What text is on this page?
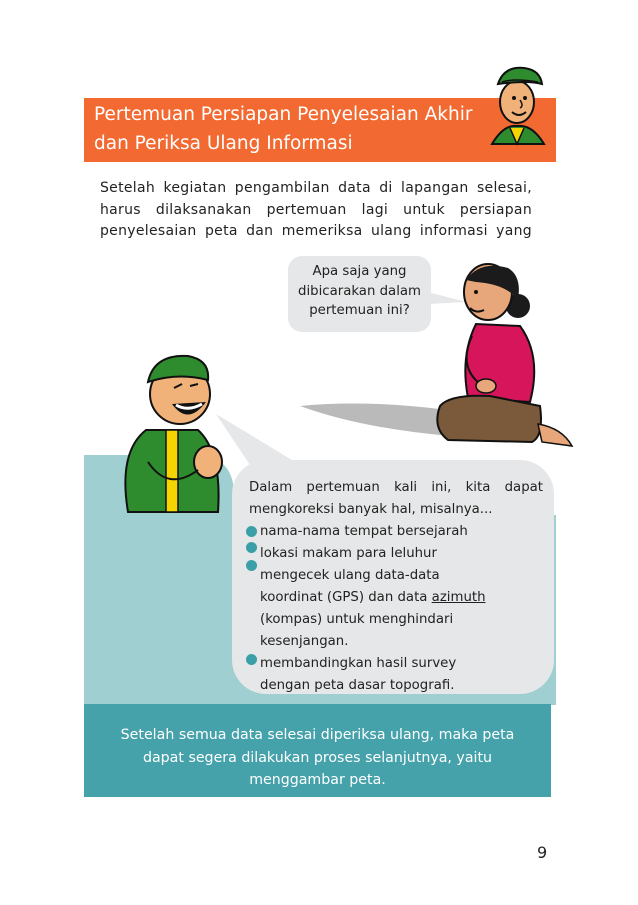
Pertemuan Persiapan Penyelesaian Akhir
dan Periksa Ulang Informasi
Setelah kegiatan pengambilan data di lapangan selesai,
harus dilaksanakan pertemuan lagi untuk persiapan
penyelesaian peta dan memeriksa ulang informasi yang
Apa saja yang
dibicarakan dalam
pertemuan ini?
Dalam pertemuan kali ini, kita dapat
mengkoreksi banyak hal, misalnya...
nama-nama tempat bersejarah
lokasi makam para leluhur
mengecek ulang data-data
koordinat (GPS) dan data azimuth
(kompas) untuk menghindari
kesenjangan.
membandingkan hasil survey
dengan peta dasar topografi.
Setelah semua data selesai diperiksa ulang, maka peta
dapat segera dilakukan proses selanjutnya, yaitu
menggambar peta.
9
